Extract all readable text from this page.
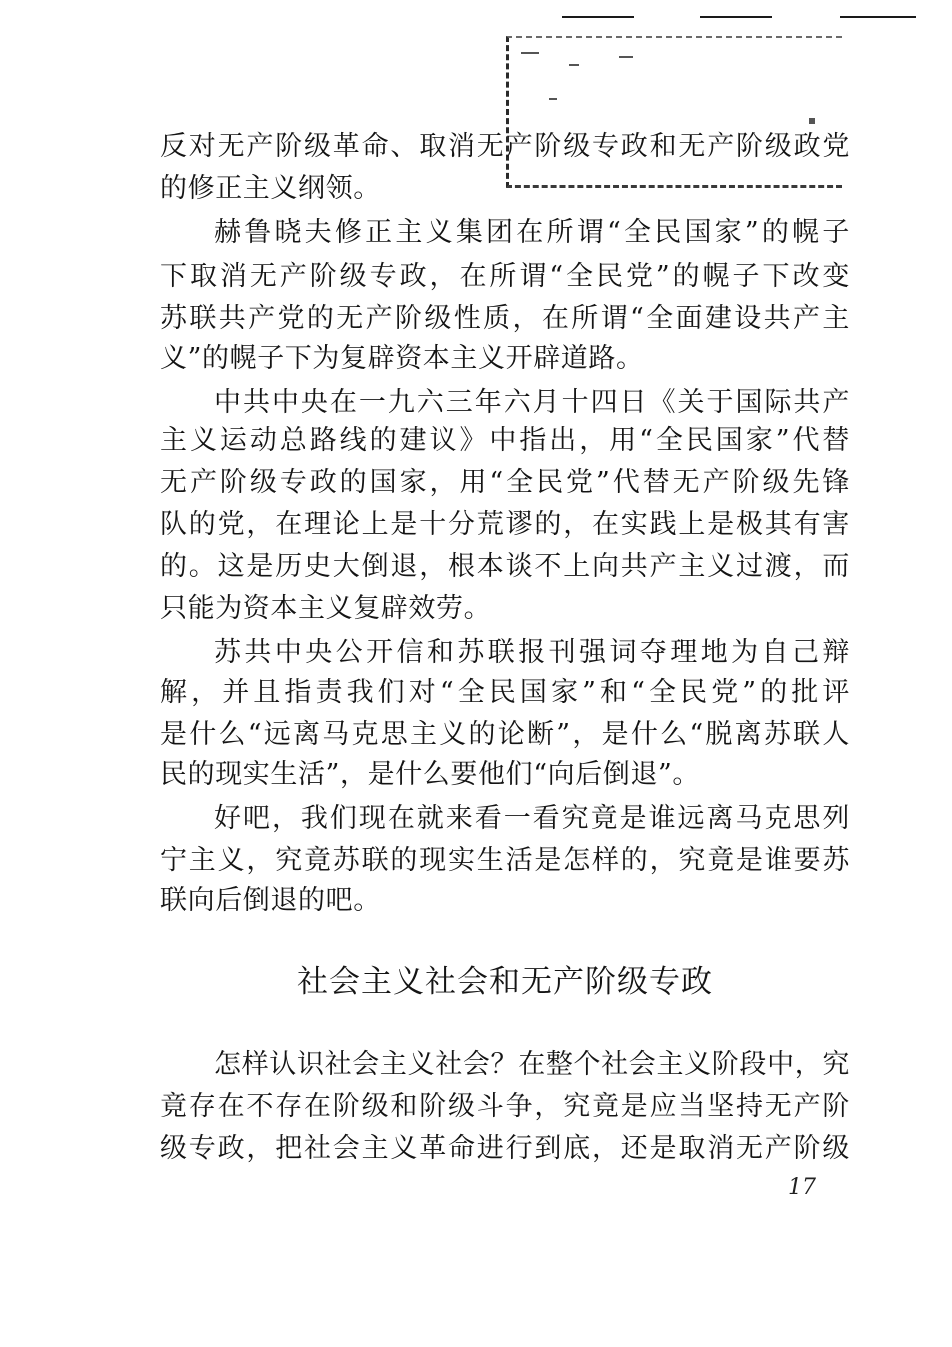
反对无产阶级革命、取消无产阶级专政和无产阶级政党
的修正主义纲领。
赫鲁晓夫修正主义集团在所谓“全民国家”的幌子
下取消无产阶级专政，在所谓“全民党”的幌子下改变
苏联共产党的无产阶级性质，在所谓“全面建设共产主
义”的幌子下为复辟资本主义开辟道路。
中共中央在一九六三年六月十四日《关于国际共产
主义运动总路线的建议》中指出，用“全民国家”代替
无产阶级专政的国家，用“全民党”代替无产阶级先锋
队的党，在理论上是十分荒谬的，在实践上是极其有害
的。这是历史大倒退，根本谈不上向共产主义过渡，而
只能为资本主义复辟效劳。
苏共中央公开信和苏联报刊强词夺理地为自己辩
解，并且指责我们对“全民国家”和“全民党”的批评
是什么“远离马克思主义的论断”，是什么“脱离苏联人
民的现实生活”，是什么要他们“向后倒退”。
好吧，我们现在就来看一看究竟是谁远离马克思列
宁主义，究竟苏联的现实生活是怎样的，究竟是谁要苏
联向后倒退的吧。
社会主义社会和无产阶级专政
怎样认识社会主义社会？在整个社会主义阶段中，究
竟存在不存在阶级和阶级斗争，究竟是应当坚持无产阶
级专政，把社会主义革命进行到底，还是取消无产阶级
17
